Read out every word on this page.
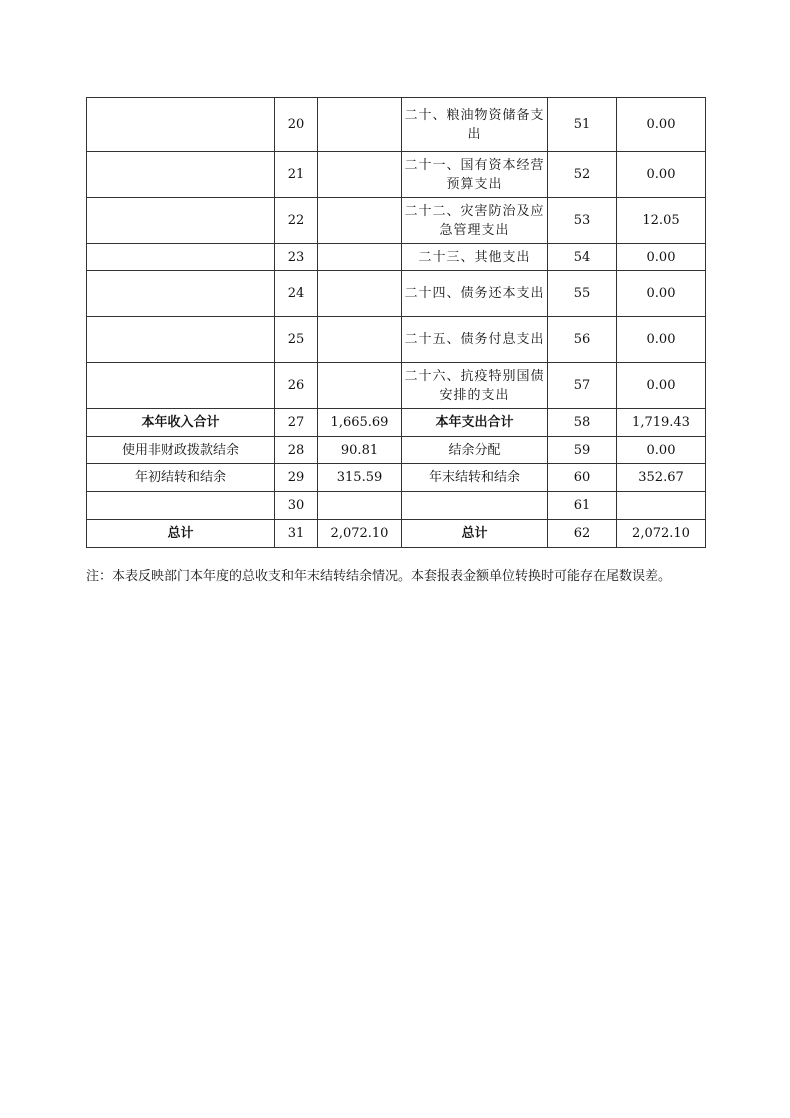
	20		二十、粮油物资储备支出	51	0.00
	21		二十一、国有资本经营预算支出	52	0.00
	22		二十二、灾害防治及应急管理支出	53	12.05
	23		二十三、其他支出	54	0.00
	24		二十四、债务还本支出	55	0.00
	25		二十五、债务付息支出	56	0.00
	26		二十六、抗疫特别国债安排的支出	57	0.00
本年收入合计	27	1,665.69	本年支出合计	58	1,719.43
使用非财政拨款结余	28	90.81	结余分配	59	0.00
年初结转和结余	29	315.59	年末结转和结余	60	352.67
	30			61	
总计	31	2,072.10	总计	62	2,072.10
注：本表反映部门本年度的总收支和年末结转结余情况。本套报表金额单位转换时可能存在尾数误差。
